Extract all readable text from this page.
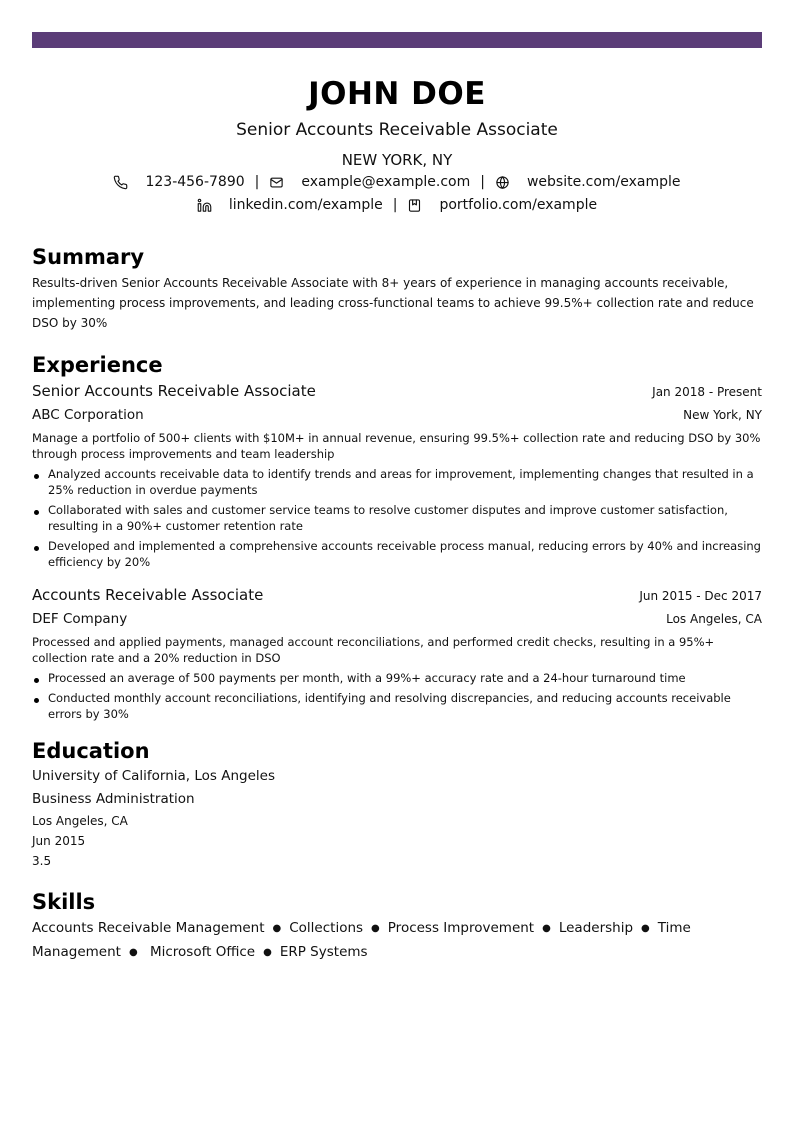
JOHN DOE
Senior Accounts Receivable Associate
NEW YORK, NY
123-456-7890 |	example@example.com |	website.com/example
linkedin.com/example |	portfolio.com/example
Summary
Results-driven Senior Accounts Receivable Associate with 8+ years of experience in managing accounts receivable, implementing process improvements, and leading cross-functional teams to achieve 99.5%+ collection rate and reduce DSO by 30%
Experience
Senior Accounts Receivable Associate	Jan 2018 - Present
ABC Corporation	New York, NY
Manage a portfolio of 500+ clients with $10M+ in annual revenue, ensuring 99.5%+ collection rate and reducing DSO by 30% through process improvements and team leadership
Analyzed accounts receivable data to identify trends and areas for improvement, implementing changes that resulted in a 25% reduction in overdue payments
Collaborated with sales and customer service teams to resolve customer disputes and improve customer satisfaction, resulting in a 90%+ customer retention rate
Developed and implemented a comprehensive accounts receivable process manual, reducing errors by 40% and increasing efficiency by 20%
Accounts Receivable Associate	Jun 2015 - Dec 2017
DEF Company	Los Angeles, CA
Processed and applied payments, managed account reconciliations, and performed credit checks, resulting in a 95%+ collection rate and a 20% reduction in DSO
Processed an average of 500 payments per month, with a 99%+ accuracy rate and a 24-hour turnaround time
Conducted monthly account reconciliations, identifying and resolving discrepancies, and reducing accounts receivable errors by 30%
Education
University of California, Los Angeles
Business Administration
Los Angeles, CA
Jun 2015
3.5
Skills
Accounts Receivable Management ● Collections ● Process Improvement ● Leadership ● Time Management ● Microsoft Office ● ERP Systems
